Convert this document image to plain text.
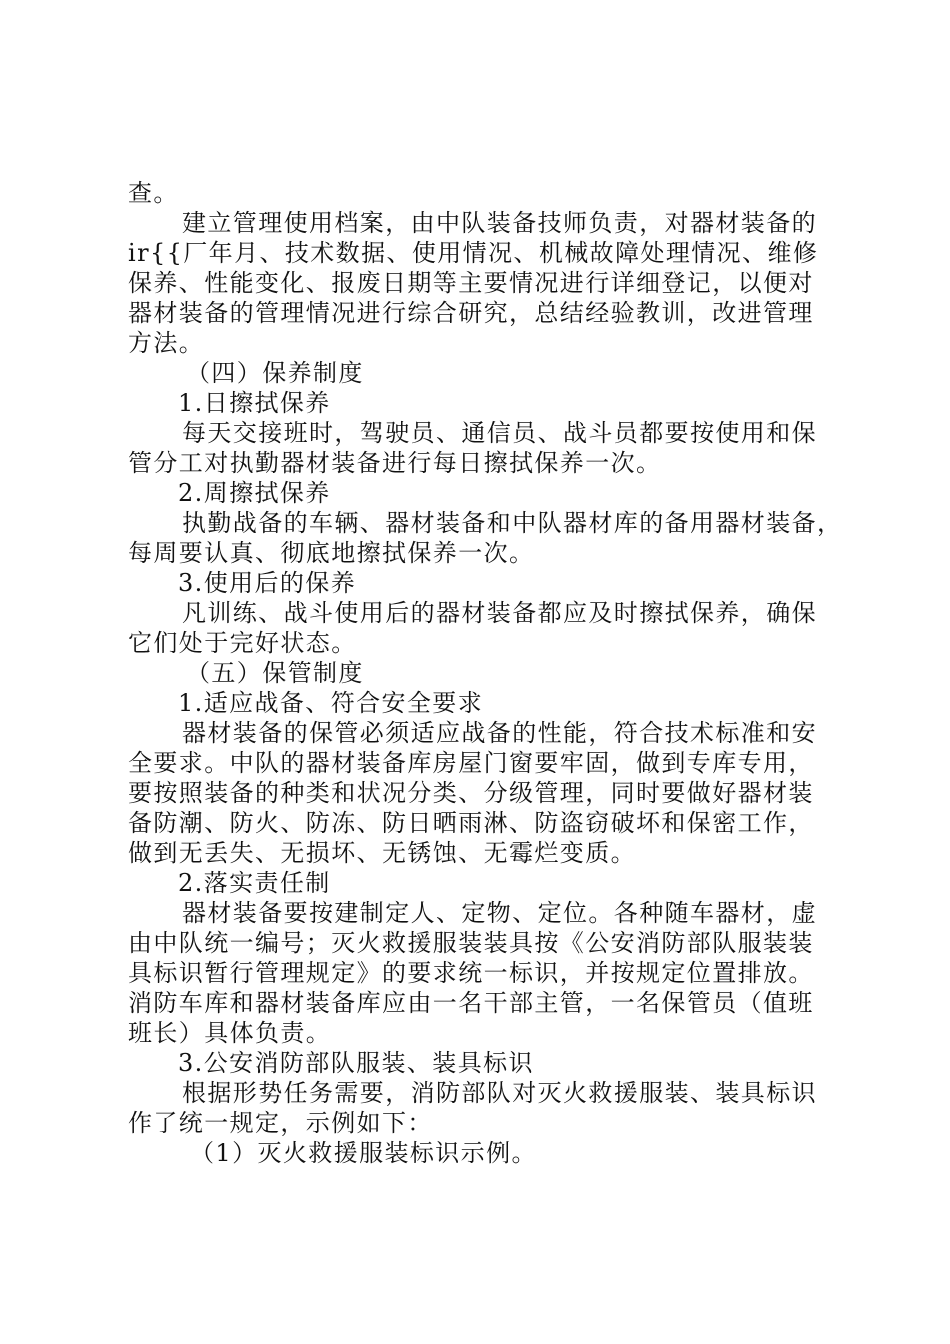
查。
建立管理使用档案，由中队装备技师负责，对器材装备的
ir{{厂年月、技术数据、使用情况、机械故障处理情况、维修
保养、性能变化、报废日期等主要情况进行详细登记，以便对
器材装备的管理情况进行综合研究，总结经验教训，改进管理
方法。
（四）保养制度
1.日擦拭保养
每天交接班时，驾驶员、通信员、战斗员都要按使用和保
管分工对执勤器材装备进行每日擦拭保养一次。
2.周擦拭保养
执勤战备的车辆、器材装备和中队器材库的备用器材装备，
每周要认真、彻底地擦拭保养一次。
3.使用后的保养
凡训练、战斗使用后的器材装备都应及时擦拭保养，确保
它们处于完好状态。
（五）保管制度
1.适应战备、符合安全要求
器材装备的保管必须适应战备的性能，符合技术标准和安
全要求。中队的器材装备库房屋门窗要牢固，做到专库专用，
要按照装备的种类和状况分类、分级管理，同时要做好器材装
备防潮、防火、防冻、防日晒雨淋、防盗窃破坏和保密工作，
做到无丢失、无损坏、无锈蚀、无霉烂变质。
2.落实责任制
器材装备要按建制定人、定物、定位。各种随车器材，虚
由中队统一编号；灭火救援服装装具按《公安消防部队服装装
具标识暂行管理规定》的要求统一标识，并按规定位置排放。
消防车库和器材装备库应由一名干部主管，一名保管员（值班
班长）具体负责。
3.公安消防部队服装、装具标识
根据形势任务需要，消防部队对灭火救援服装、装具标识
作了统一规定，示例如下：
（1）灭火救援服装标识示例。
